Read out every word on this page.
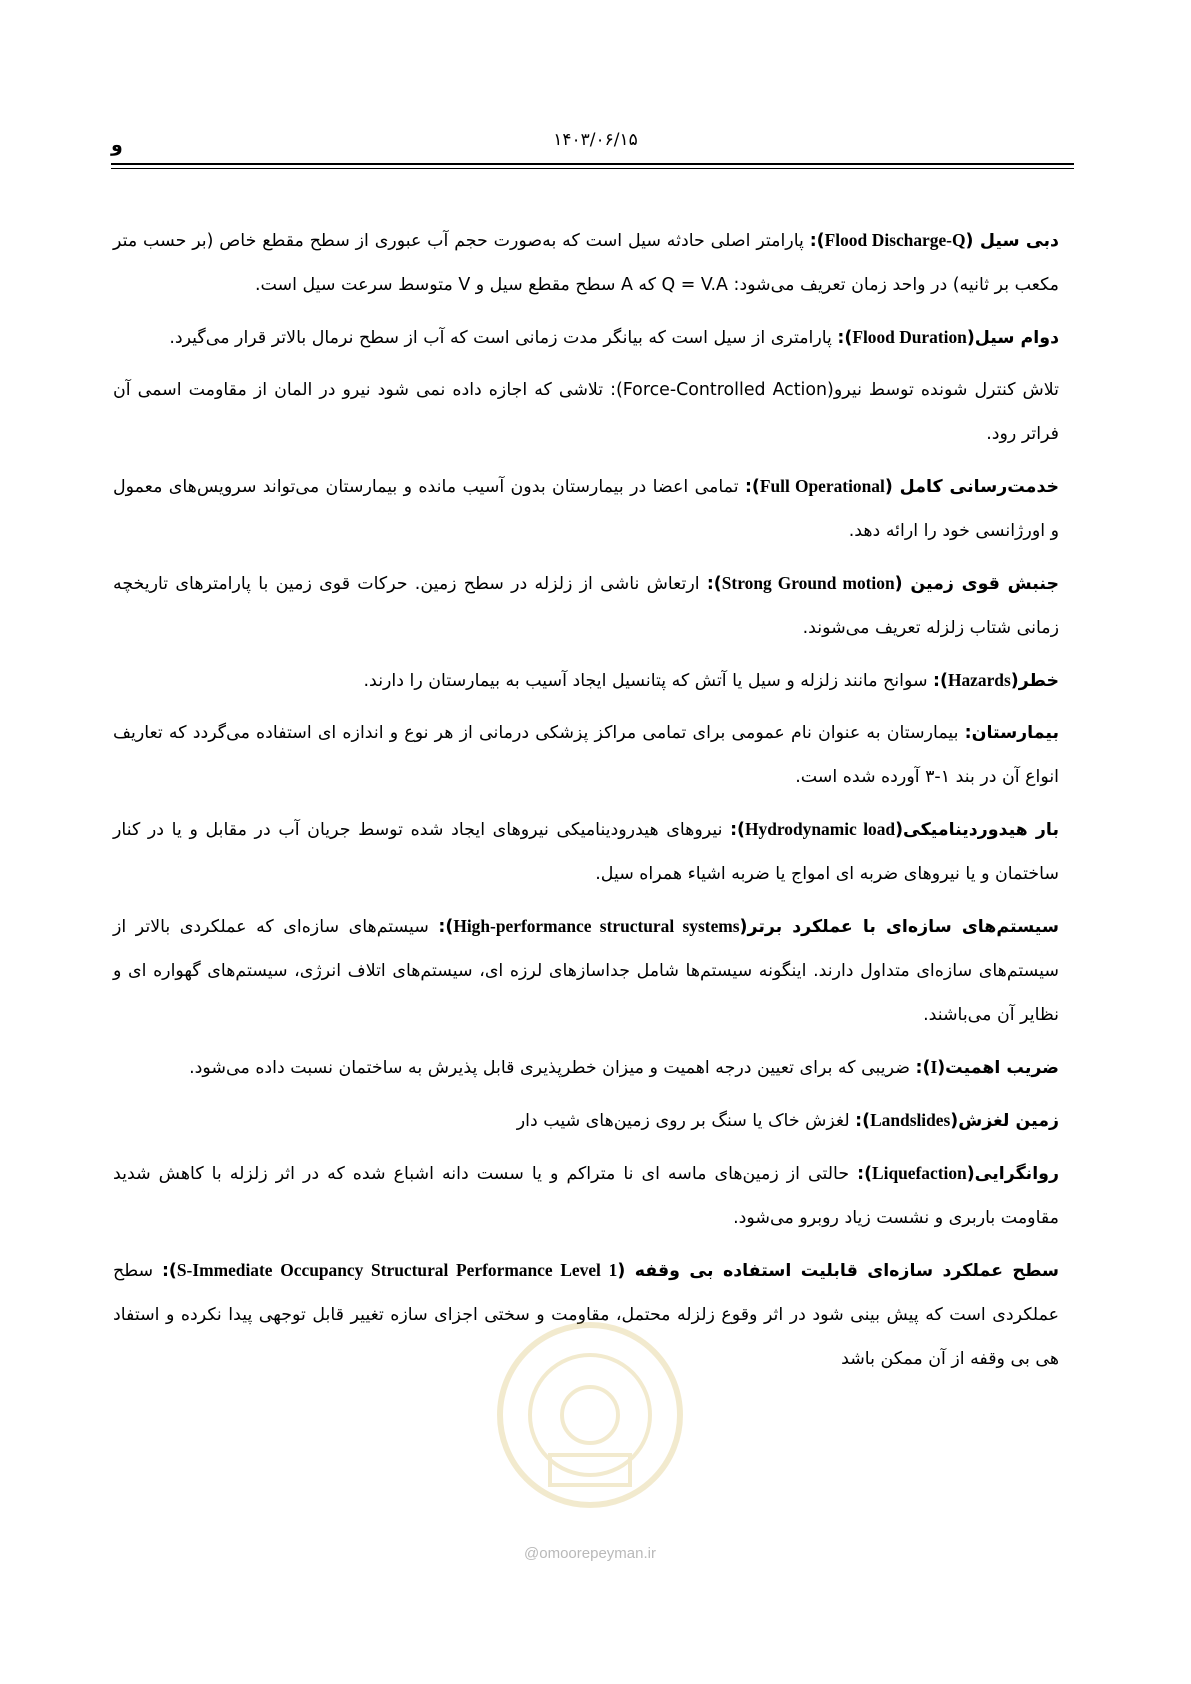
۱۴۰۳/۰۶/۱۵
و

دبی سیل (Flood Discharge-Q): پارامتر اصلی حادثه سیل است که به‌صورت حجم آب عبوری از سطح مقطع خاص (بر حسب متر مکعب بر ثانیه) در واحد زمان تعریف می‌شود: Q = V.A که A سطح مقطع سیل و V متوسط سرعت سیل است.

دوام سیل(Flood Duration): پارامتری از سیل است که بیانگر مدت زمانی است که آب از سطح نرمال بالاتر قرار می‌گیرد.

تلاش کنترل شونده توسط نیرو(Force-Controlled Action): تلاشی که اجازه داده نمی شود نیرو در المان از مقاومت اسمی آن فراتر رود.

خدمت‌رسانی کامل (Full Operational): تمامی اعضا در بیمارستان بدون آسیب مانده و بیمارستان می‌تواند سرویس‌های معمول و اورژانسی خود را ارائه دهد.

جنبش قوی زمین (Strong Ground motion): ارتعاش ناشی از زلزله در سطح زمین. حرکات قوی زمین با پارامترهای تاریخچه زمانی شتاب زلزله تعریف می‌شوند.

خطر(Hazards): سوانح مانند زلزله و سیل یا آتش که پتانسیل ایجاد آسیب به بیمارستان را دارند.

بیمارستان: بیمارستان به عنوان نام عمومی برای تمامی مراکز پزشکی درمانی از هر نوع و اندازه ای استفاده می‌گردد که تعاریف انواع آن در بند ۱-۳ آورده شده است.

بار هیدوردینامیکی(Hydrodynamic load): نیروهای هیدرودینامیکی نیروهای ایجاد شده توسط جریان آب در مقابل و یا در کنار ساختمان و یا نیروهای ضربه ای امواج یا ضربه اشیاء همراه سیل.

سیستم‌های سازه‌ای با عملکرد برتر(High-performance structural systems): سیستم‌های سازه‌ای که عملکردی بالاتر از سیستم‌های سازه‌ای متداول دارند. اینگونه سیستم‌ها شامل جداسازهای لرزه ای، سیستم‌های اتلاف انرژی، سیستم‌های گهواره ای و نظایر آن می‌باشند.

ضریب اهمیت(I): ضریبی که برای تعیین درجه اهمیت و میزان خطرپذیری قابل پذیرش به ساختمان نسبت داده می‌شود.

زمین لغزش(Landslides): لغزش خاک یا سنگ بر روی زمین‌های شیب دار

روانگرایی(Liquefaction): حالتی از زمین‌های ماسه ای نا متراکم و یا سست دانه اشباع شده که در اثر زلزله با کاهش شدید مقاومت باربری و نشست زیاد روبرو می‌شود.

سطح عملکرد سازه‌ای قابلیت استفاده بی وقفه (S-Immediate Occupancy Structural Performance Level 1): سطح عملکردی است که پیش بینی شود در اثر وقوع زلزله محتمل، مقاومت و سختی اجزای سازه تغییر قابل توجهی پیدا نکرده و استفاد هی بی وقفه از آن ممکن باشد

@omoorepeyman.ir
